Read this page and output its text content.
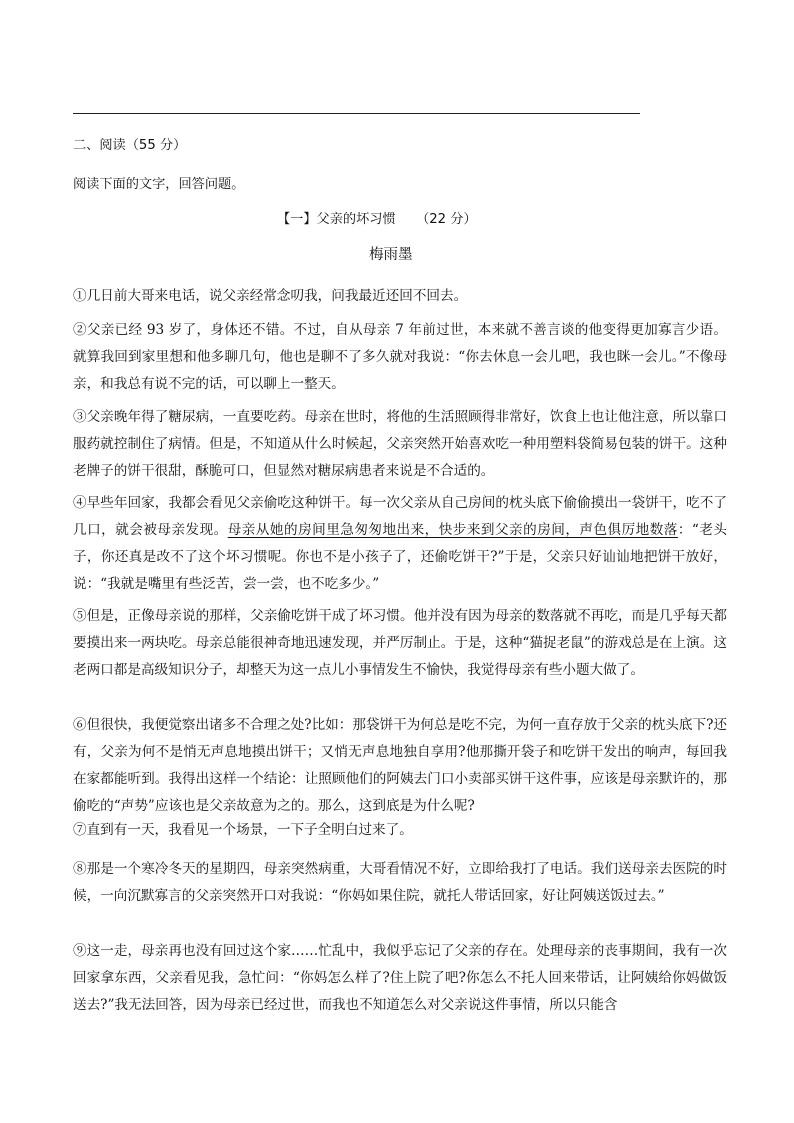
二、阅读（55 分）
阅读下面的文字，回答问题。
【一】父亲的坏习惯 （22 分）
梅雨墨
①几日前大哥来电话，说父亲经常念叨我，问我最近还回不回去。
②父亲已经 93 岁了，身体还不错。不过，自从母亲 7 年前过世，本来就不善言谈的他变得更加寡言少语。就算我回到家里想和他多聊几句，他也是聊不了多久就对我说：“你去休息一会儿吧，我也眯一会儿。”不像母亲，和我总有说不完的话，可以聊上一整天。
③父亲晚年得了糖尿病，一直要吃药。母亲在世时，将他的生活照顾得非常好，饮食上也让他注意，所以靠口服药就控制住了病情。但是，不知道从什么时候起，父亲突然开始喜欢吃一种用塑料袋简易包装的饼干。这种老牌子的饼干很甜，酥脆可口，但显然对糖尿病患者来说是不合适的。
④早些年回家，我都会看见父亲偷吃这种饼干。每一次父亲从自己房间的枕头底下偷偷摸出一袋饼干，吃不了几口，就会被母亲发现。母亲从她的房间里急匆匆地出来，快步来到父亲的房间，声色俱厉地数落：“老头子，你还真是改不了这个坏习惯呢。你也不是小孩子了，还偷吃饼干?”于是，父亲只好讪讪地把饼干放好，说：“我就是嘴里有些泛苦，尝一尝，也不吃多少。”
⑤但是，正像母亲说的那样，父亲偷吃饼干成了坏习惯。他并没有因为母亲的数落就不再吃，而是几乎每天都要摸出来一两块吃。母亲总能很神奇地迅速发现，并严厉制止。于是，这种“猫捉老鼠”的游戏总是在上演。这老两口都是高级知识分子，却整天为这一点儿小事情发生不愉快，我觉得母亲有些小题大做了。
⑥但很快，我便觉察出诸多不合理之处?比如：那袋饼干为何总是吃不完，为何一直存放于父亲的枕头底下?还有，父亲为何不是悄无声息地摸出饼干；又悄无声息地独自享用?他那撕开袋子和吃饼干发出的响声，每回我在家都能听到。我得出这样一个结论：让照顾他们的阿姨去门口小卖部买饼干这件事，应该是母亲默许的，那偷吃的“声势”应该也是父亲故意为之的。那么，这到底是为什么呢?
⑦直到有一天，我看见一个场景，一下子全明白过来了。
⑧那是一个寒冷冬天的星期四，母亲突然病重，大哥看情况不好，立即给我打了电话。我们送母亲去医院的时候，一向沉默寡言的父亲突然开口对我说：“你妈如果住院，就托人带话回家，好让阿姨送饭过去。”
⑨这一走，母亲再也没有回过这个家……忙乱中，我似乎忘记了父亲的存在。处理母亲的丧事期间，我有一次回家拿东西，父亲看见我，急忙问：“你妈怎么样了?住上院了吧?你怎么不托人回来带话，让阿姨给你妈做饭送去?”我无法回答，因为母亲已经过世，而我也不知道怎么对父亲说这件事情，所以只能含
